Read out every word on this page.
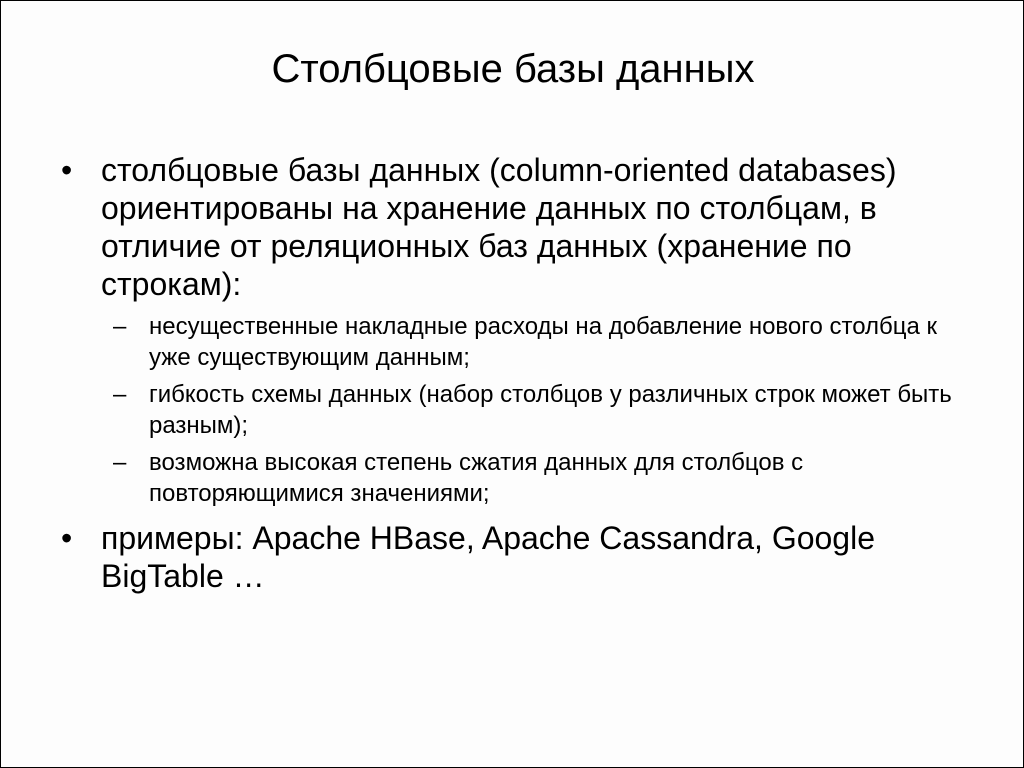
Столбцовые базы данных
• столбцовые базы данных (column-oriented databases) ориентированы на хранение данных по столбцам, в отличие от реляционных баз данных (хранение по строкам):
– несущественные накладные расходы на добавление нового столбца к уже существующим данным;
– гибкость схемы данных (набор столбцов у различных строк может быть разным);
– возможна высокая степень сжатия данных для столбцов с повторяющимися значениями;
• примеры: Apache HBase, Apache Cassandra, Google BigTable …
